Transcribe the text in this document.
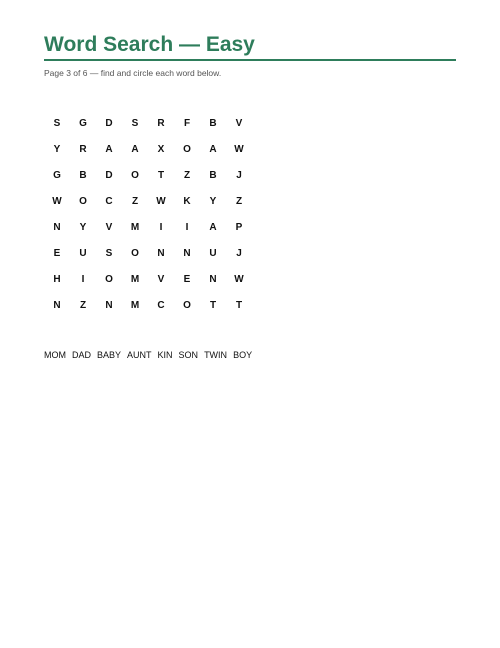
Word Search — Easy
Page 3 of 6 — find and circle each word below.
S	G	D	S	R	F	B	V
Y	R	A	A	X	O	A	W
G	B	D	O	T	Z	B	J
W	O	C	Z	W	K	Y	Z
N	Y	V	M	I	I	A	P
E	U	S	O	N	N	U	J
H	I	O	M	V	E	N	W
N	Z	N	M	C	O	T	T
MOM DAD BABY AUNT KIN SON TWIN BOY
